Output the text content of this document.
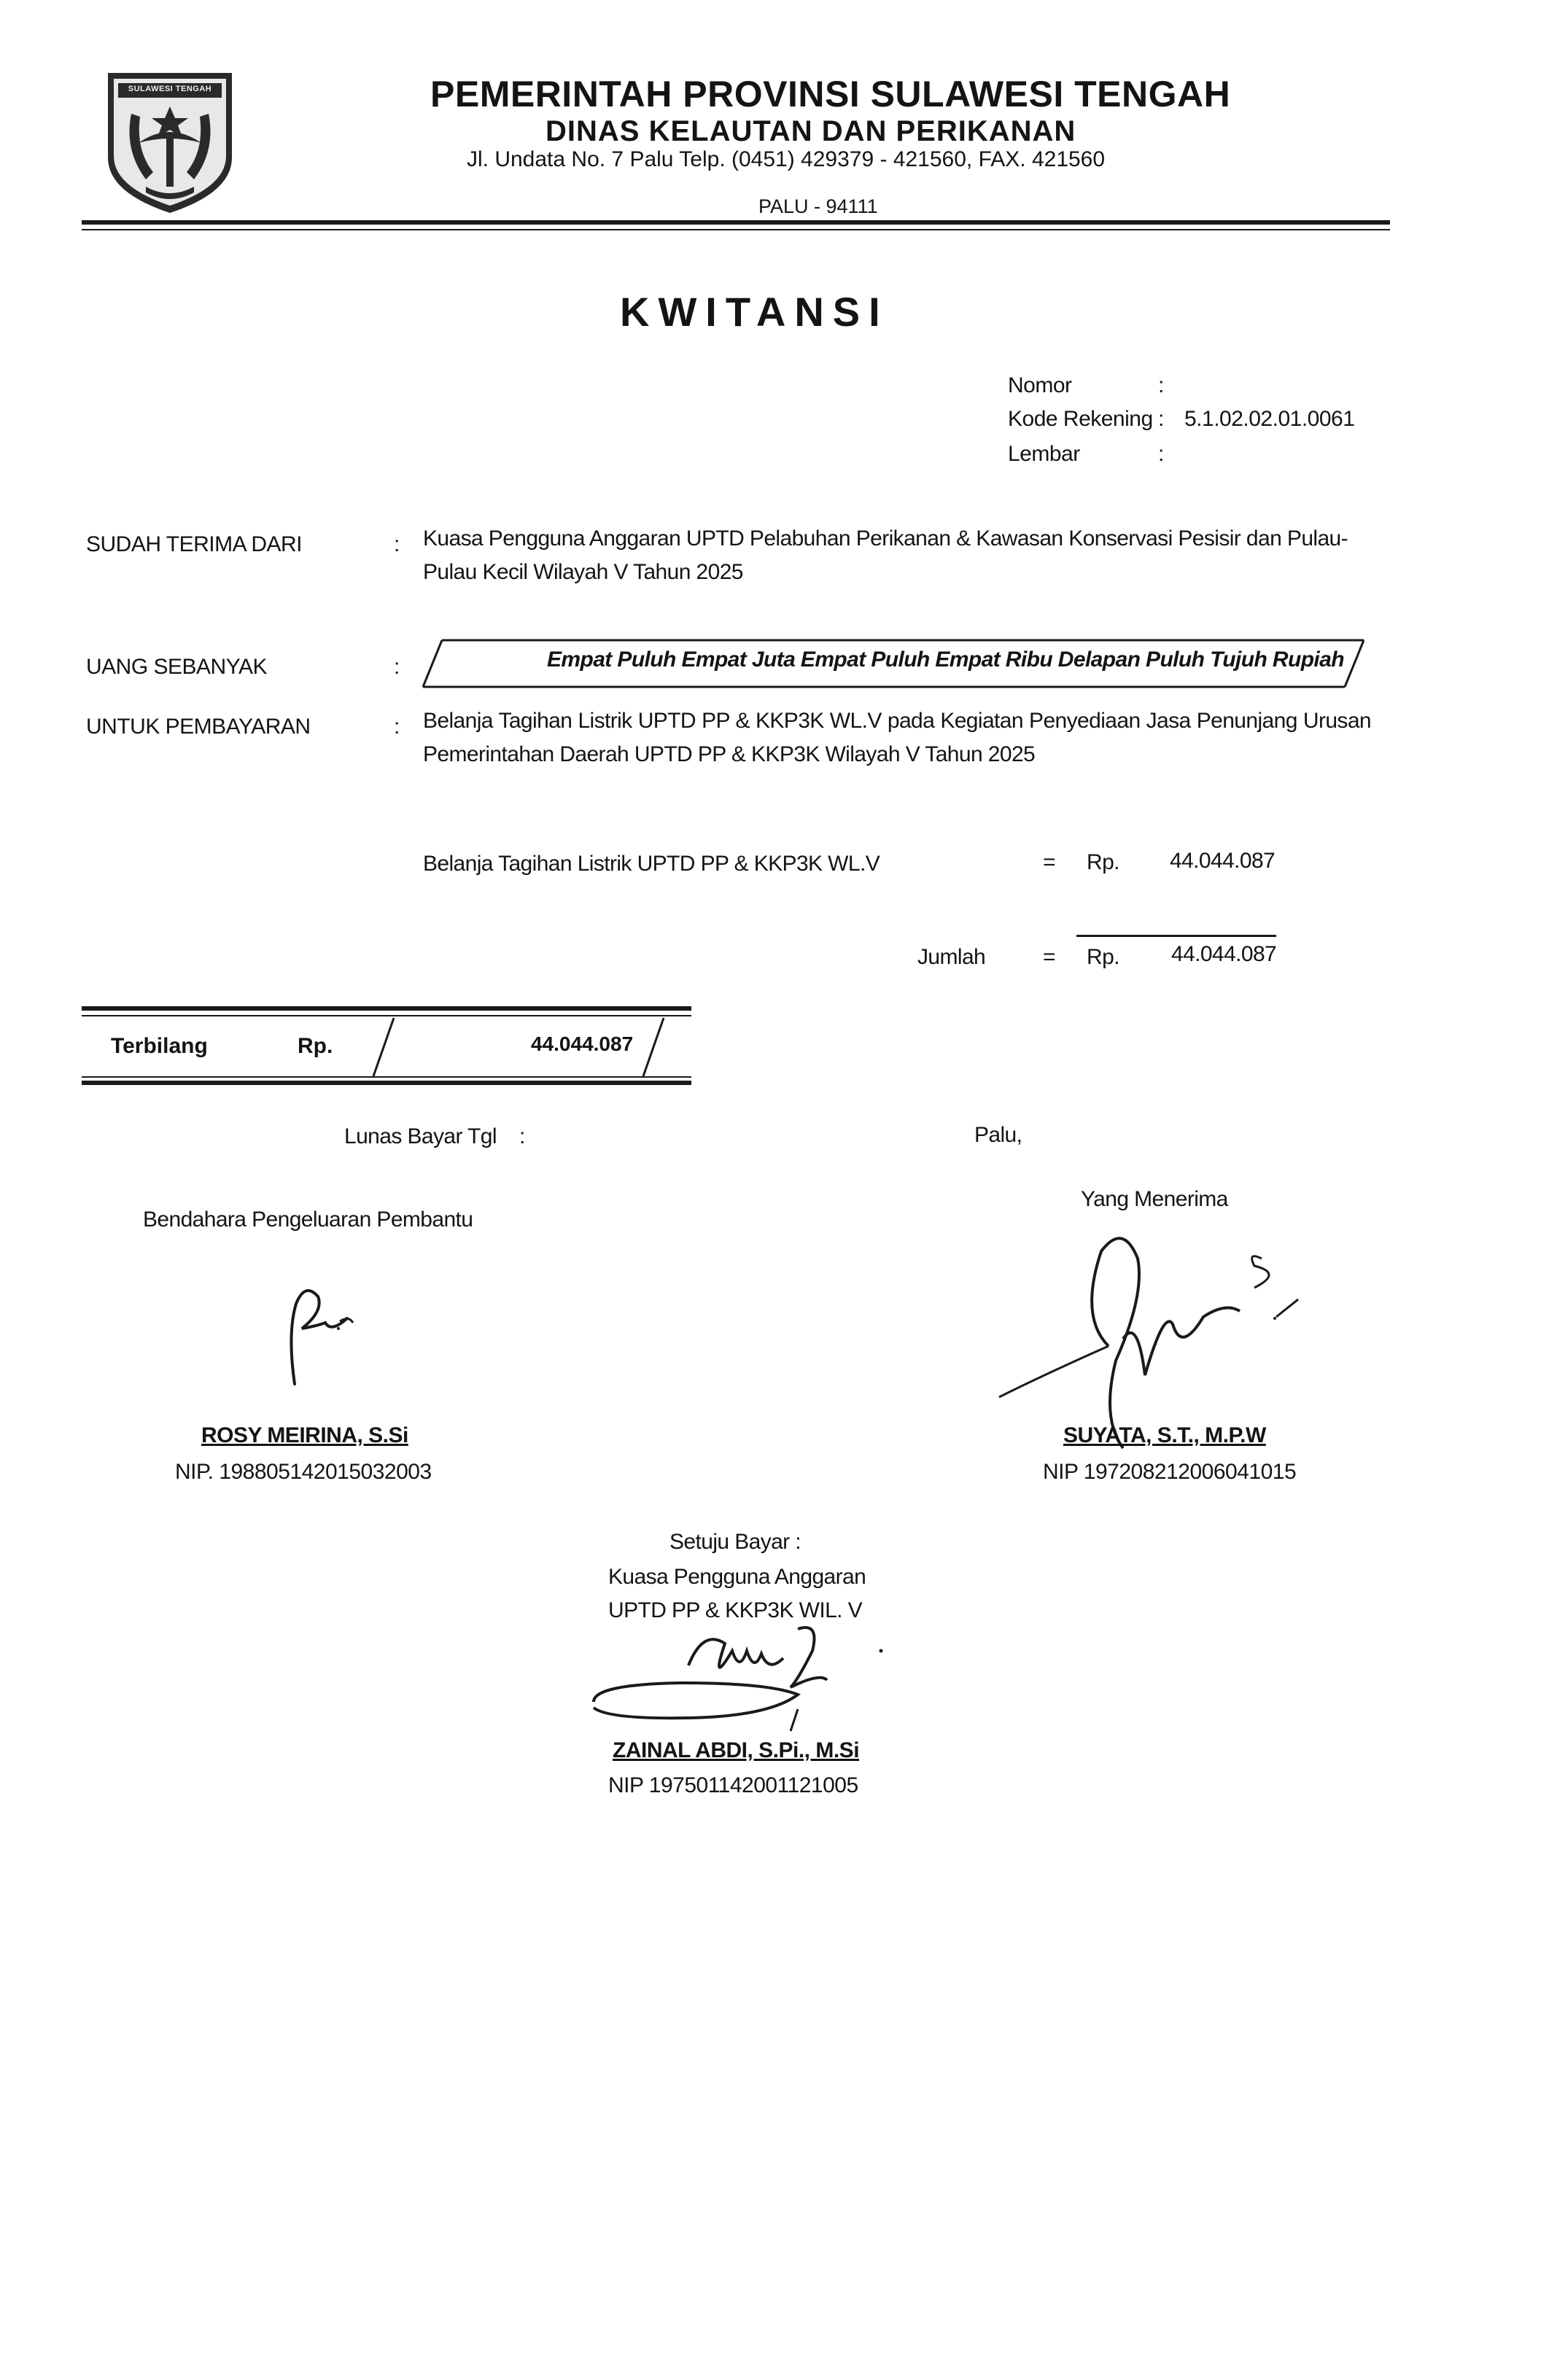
SULAWESI TENGAH	PEMERINTAH PROVINSI SULAWESI TENGAH
DINAS KELAUTAN DAN PERIKANAN
Jl. Undata No. 7 Palu Telp. (0451) 429379 - 421560, FAX. 421560
PALU - 94111
KWITANSI
Nomor	:
Kode Rekening : 5.1.02.02.01.0061
Lembar	:
SUDAH TERIMA DARI	: Kuasa Pengguna Anggaran UPTD Pelabuhan Perikanan & Kawasan Konservasi Pesisir dan Pulau-Pulau Kecil Wilayah V Tahun 2025
UANG SEBANYAK	:	Empat Puluh Empat Juta Empat Puluh Empat Ribu Delapan Puluh Tujuh Rupiah
UNTUK PEMBAYARAN	: Belanja Tagihan Listrik UPTD PP & KKP3K WL.V pada Kegiatan Penyediaan Jasa Penunjang Urusan Pemerintahan Daerah UPTD PP & KKP3K Wilayah V Tahun 2025
Belanja Tagihan Listrik UPTD PP & KKP3K WL.V	= Rp. 44.044.087
Jumlah	= Rp. 44.044.087
Terbilang	Rp.	44.044.087
Lunas Bayar Tgl :	Palu,
Bendahara Pengeluaran Pembantu
ROSY MEIRINA, S.Si
NIP. 198805142015032003
Yang Menerima
SUYATA, S.T., M.P.W
NIP 197208212006041015
Setuju Bayar :
Kuasa Pengguna Anggaran
UPTD PP & KKP3K WIL. V
ZAINAL ABDI, S.Pi., M.Si
NIP 197501142001121005
